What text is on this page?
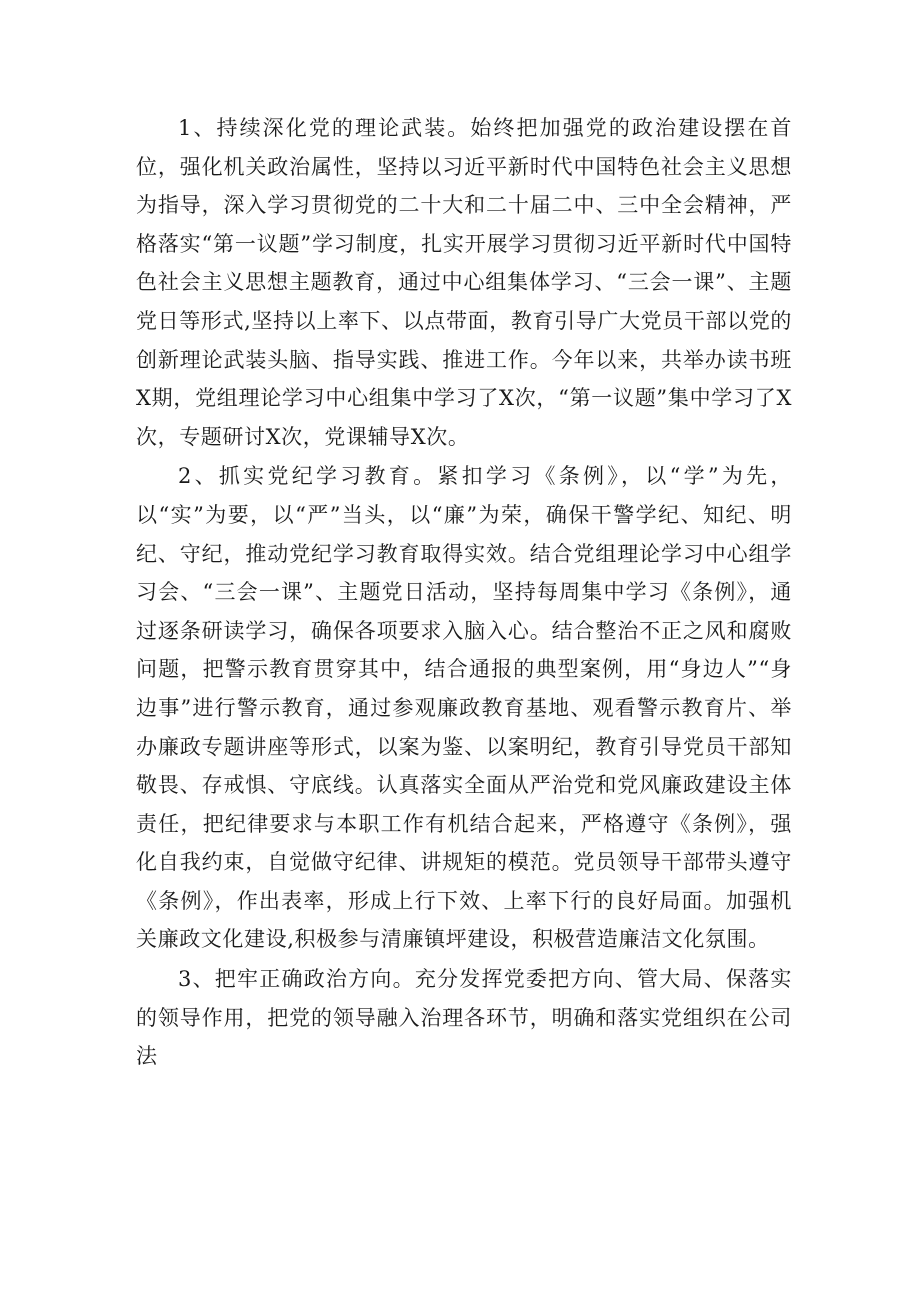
1、持续深化党的理论武装。始终把加强党的政治建设摆在首位，强化机关政治属性，坚持以习近平新时代中国特色社会主义思想为指导，深入学习贯彻党的二十大和二十届二中、三中全会精神，严格落实“第一议题”学习制度，扎实开展学习贯彻习近平新时代中国特色社会主义思想主题教育，通过中心组集体学习、“三会一课”、主题党日等形式,坚持以上率下、以点带面，教育引导广大党员干部以党的创新理论武装头脑、指导实践、推进工作。今年以来，共举办读书班X期，党组理论学习中心组集中学习了X次，“第一议题”集中学习了X次，专题研讨X次，党课辅导X次。

2、抓实党纪学习教育。紧扣学习《条例》，以“学”为先，以“实”为要，以“严”当头，以“廉”为荣，确保干警学纪、知纪、明纪、守纪，推动党纪学习教育取得实效。结合党组理论学习中心组学习会、“三会一课”、主题党日活动，坚持每周集中学习《条例》，通过逐条研读学习，确保各项要求入脑入心。结合整治不正之风和腐败问题，把警示教育贯穿其中，结合通报的典型案例，用“身边人”“身边事”进行警示教育，通过参观廉政教育基地、观看警示教育片、举办廉政专题讲座等形式，以案为鉴、以案明纪，教育引导党员干部知敬畏、存戒惧、守底线。认真落实全面从严治党和党风廉政建设主体责任，把纪律要求与本职工作有机结合起来，严格遵守《条例》，强化自我约束，自觉做守纪律、讲规矩的模范。党员领导干部带头遵守《条例》，作出表率，形成上行下效、上率下行的良好局面。加强机关廉政文化建设,积极参与清廉镇坪建设，积极营造廉洁文化氛围。

3、把牢正确政治方向。充分发挥党委把方向、管大局、保落实的领导作用，把党的领导融入治理各环节，明确和落实党组织在公司法
